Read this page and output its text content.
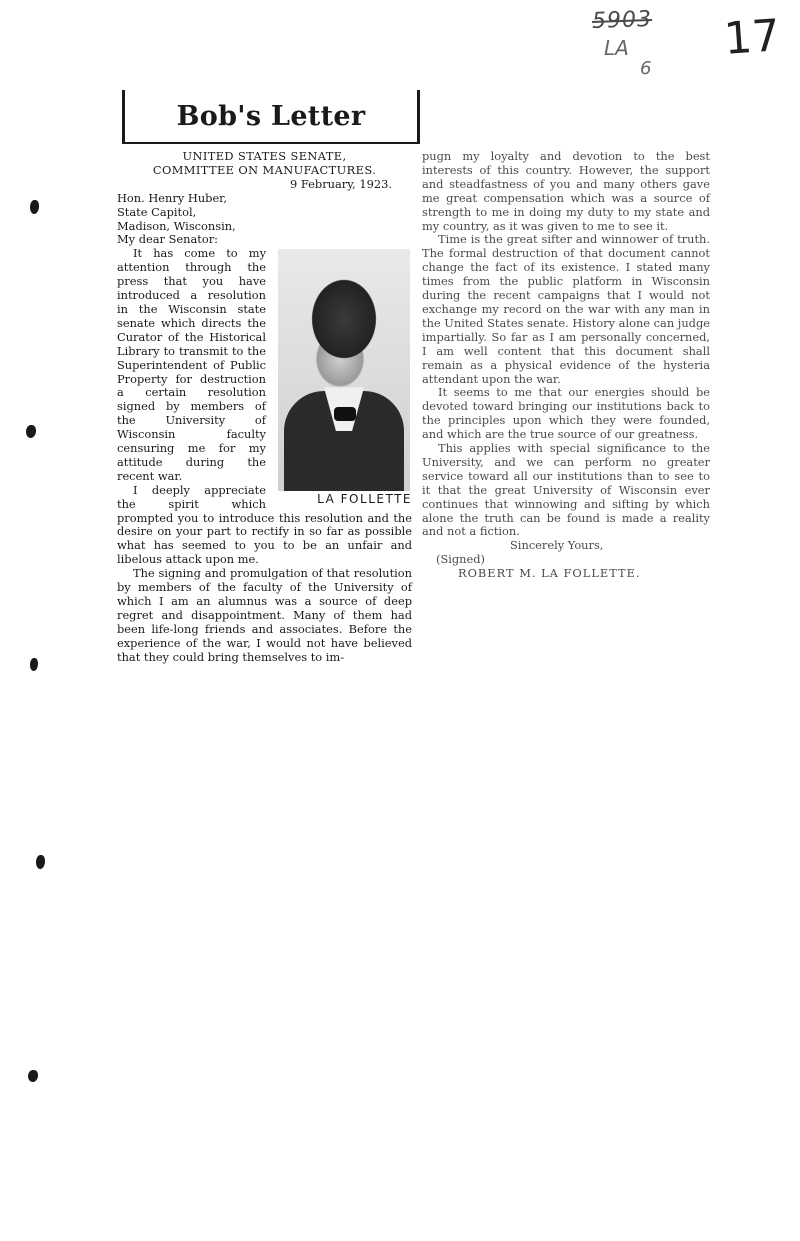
5903
LA
6
17
Bob's Letter

UNITED STATES SENATE,

COMMITTEE ON MANUFACTURES.

9 February, 1923.

Hon. Henry Huber,

State Capitol,

Madison, Wisconsin,

My dear Senator:

LA FOLLETTE

It has come to my attention through the press that you have introduced a resolution in the Wisconsin state senate which directs the Curator of the Historical Library to transmit to the Superintendent of Public Property for destruction a certain resolution signed by members of the University of Wisconsin faculty censuring me for my attitude during the recent war.

I deeply appreciate the spirit which prompted you to introduce this resolution and the desire on your part to rectify in so far as possible what has seemed to you to be an unfair and libelous attack upon me.

The signing and promulgation of that resolution by members of the faculty of the University of which I am an alumnus was a source of deep regret and disappointment. Many of them had been life-long friends and associates. Before the experience of the war, I would not have believed that they could bring themselves to im-

pugn my loyalty and devotion to the best interests of this country. However, the support and steadfastness of you and many others gave me great compensation which was a source of strength to me in doing my duty to my state and my country, as it was given to me to see it.

Time is the great sifter and winnower of truth. The formal destruction of that document cannot change the fact of its existence. I stated many times from the public platform in Wisconsin during the recent campaigns that I would not exchange my record on the war with any man in the United States senate. History alone can judge impartially. So far as I am personally concerned, I am well content that this document shall remain as a physical evidence of the hysteria attendant upon the war.

It seems to me that our energies should be devoted toward bringing our institutions back to the principles upon which they were founded, and which are the true source of our greatness.

This applies with special significance to the University, and we can perform no greater service toward all our institutions than to see to it that the great University of Wisconsin ever continues that winnowing and sifting by which alone the truth can be found is made a reality and not a fiction.

Sincerely Yours,

(Signed)

ROBERT M. LA FOLLETTE.
